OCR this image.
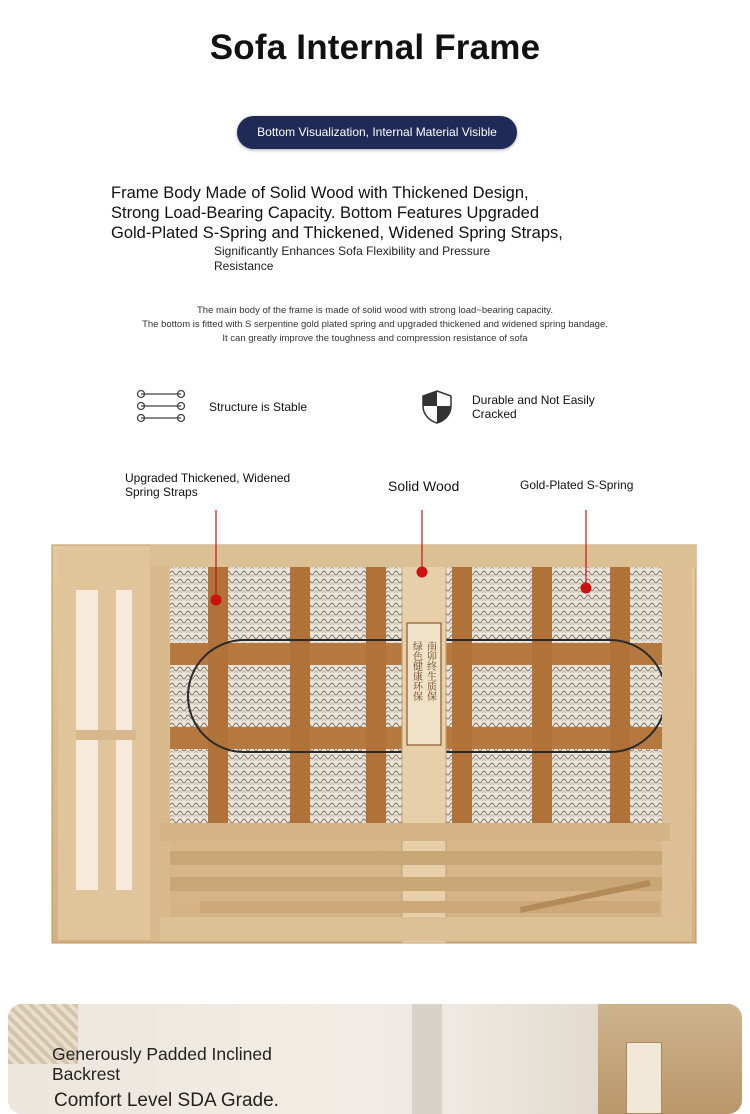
Sofa Internal Frame
Bottom Visualization, Internal Material Visible
Frame Body Made of Solid Wood with Thickened Design,
Strong Load-Bearing Capacity. Bottom Features Upgraded
Gold-Plated S-Spring and Thickened, Widened Spring Straps,
Significantly Enhances Sofa Flexibility and Pressure
Resistance
The main body of the frame is made of solid wood with strong load~bearing capacity.
The bottom is fitted with S serpentine gold plated spring and upgraded thickened and widened spring bandage.
It can greatly improve the toughness and compression resistance of sofa
Structure is Stable	Durable and Not Easily
Cracked
Upgraded Thickened, Widened
Spring Straps	Solid Wood	Gold-Plated S-Spring
绿色健康环保 南卯终生质保
Generously Padded Inclined
Backrest
Comfort Level SDA Grade.
